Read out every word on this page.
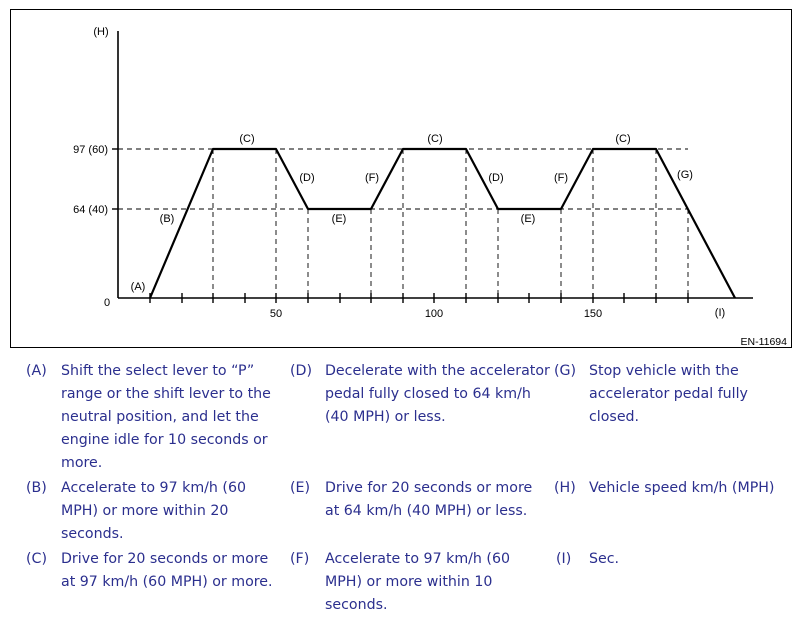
(H)
(I)
0
97 (60)
64 (40)
50	100	150
(A)
(B)
(C)
(D)
(E)
(F)
(C)
(D)
(E)
(F)
(C)
(G)
EN-11694
(A) Shift the select lever to “P”
range or the shift lever to the
neutral position, and let the
engine idle for 10 seconds or
more.
(B) Accelerate to 97 km/h (60
MPH) or more within 20
seconds.
(C) Drive for 20 seconds or more
at 97 km/h (60 MPH) or more.
(D) Decelerate with the accelerator
pedal fully closed to 64 km/h
(40 MPH) or less.
(E) Drive for 20 seconds or more
at 64 km/h (40 MPH) or less.
(F) Accelerate to 97 km/h (60
MPH) or more within 10
seconds.
(G) Stop vehicle with the
accelerator pedal fully closed.
(H) Vehicle speed km/h (MPH)
(I) Sec.
